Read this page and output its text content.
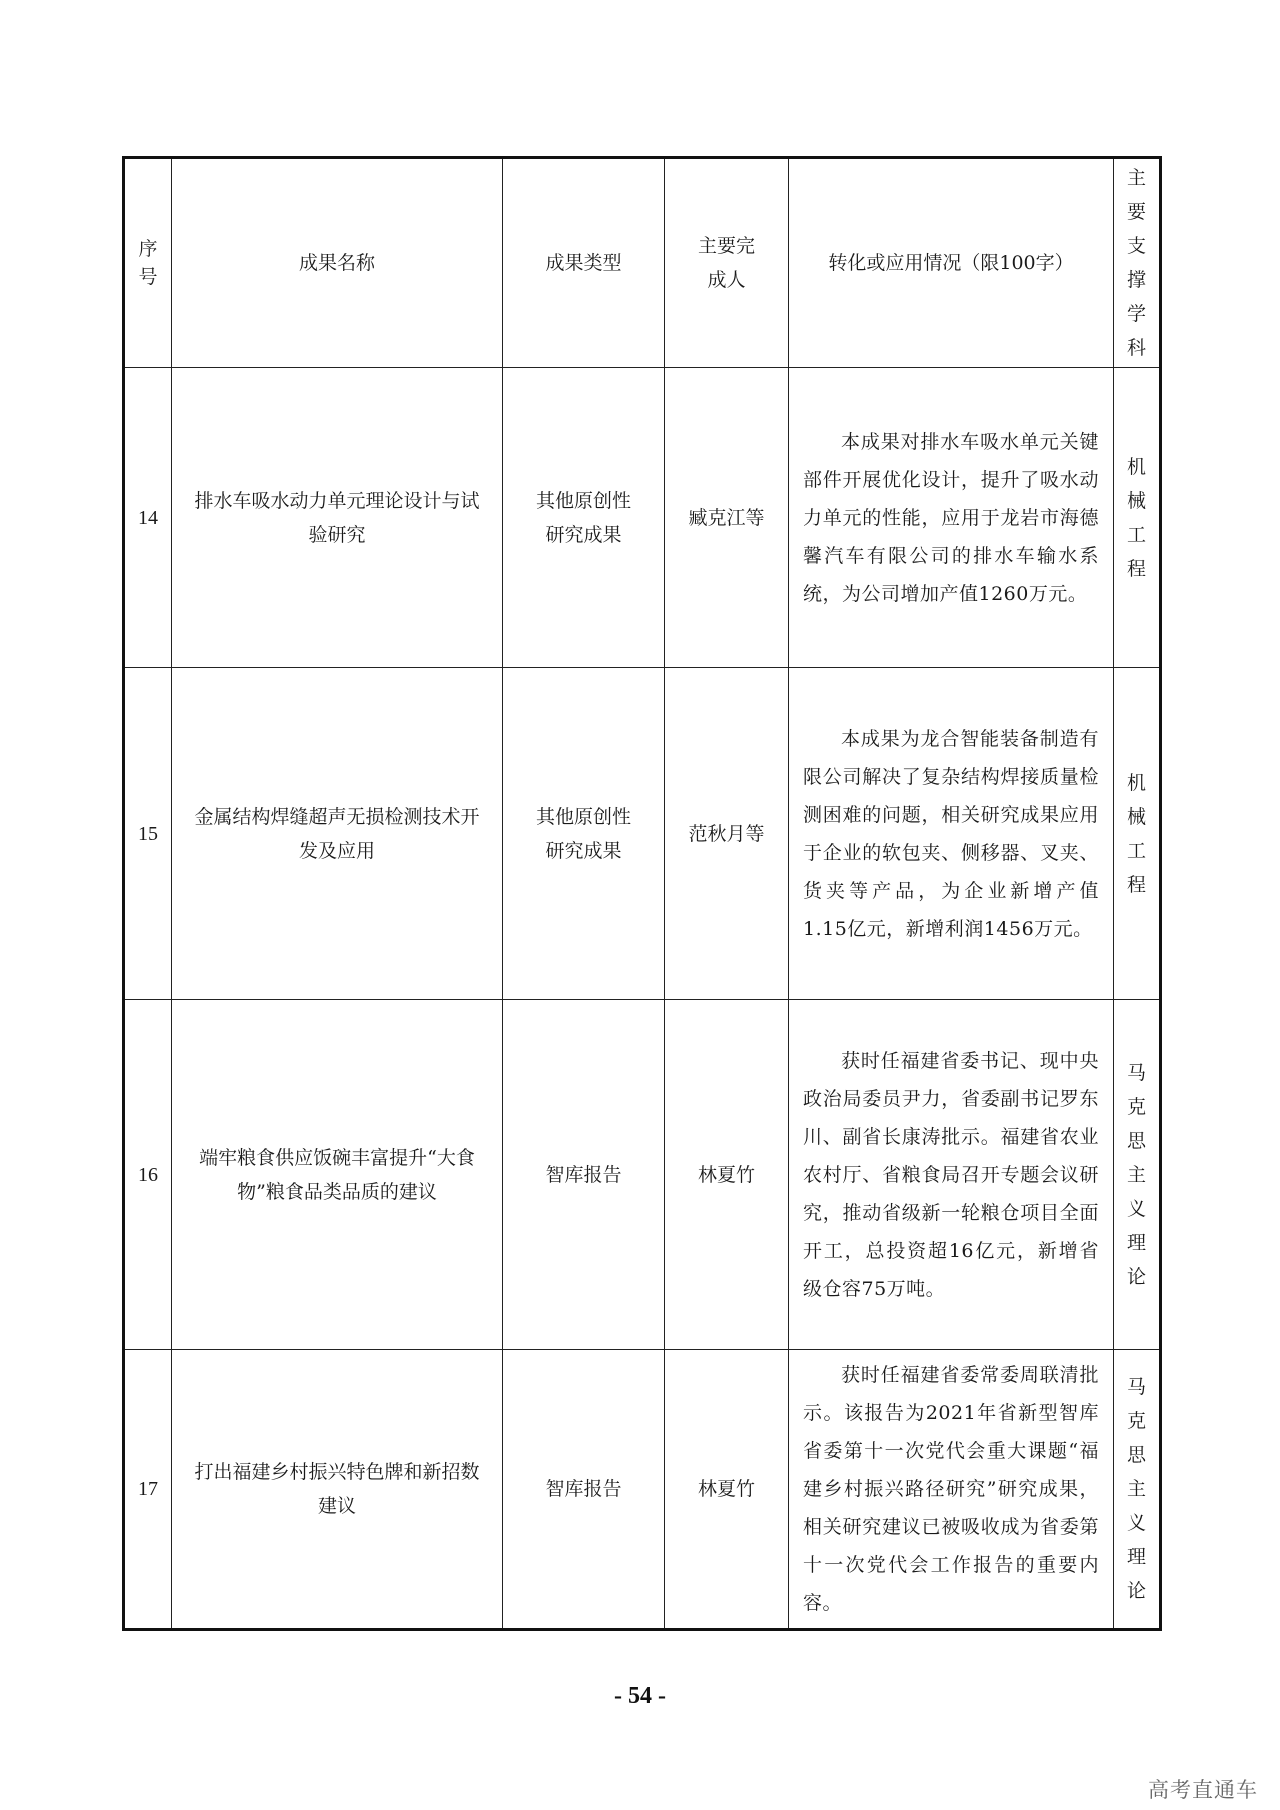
序号	成果名称	成果类型	主要完成人	转化或应用情况（限100字）	主要支撑学科
14	排水车吸水动力单元理论设计与试验研究	其他原创性研究成果	臧克江等	本成果对排水车吸水单元关键部件开展优化设计，提升了吸水动力单元的性能，应用于龙岩市海德馨汽车有限公司的排水车输水系统，为公司增加产值1260万元。	机械工程
15	金属结构焊缝超声无损检测技术开发及应用	其他原创性研究成果	范秋月等	本成果为龙合智能装备制造有限公司解决了复杂结构焊接质量检测困难的问题，相关研究成果应用于企业的软包夹、侧移器、叉夹、货夹等产品，为企业新增产值1.15亿元，新增利润1456万元。	机械工程
16	端牢粮食供应饭碗丰富提升“大食物”粮食品类品质的建议	智库报告	林夏竹	获时任福建省委书记、现中央政治局委员尹力，省委副书记罗东川、副省长康涛批示。福建省农业农村厅、省粮食局召开专题会议研究，推动省级新一轮粮仓项目全面开工，总投资超16亿元，新增省级仓容75万吨。	马克思主义理论
17	打出福建乡村振兴特色牌和新招数建议	智库报告	林夏竹	获时任福建省委常委周联清批示。该报告为2021年省新型智库省委第十一次党代会重大课题“福建乡村振兴路径研究”研究成果，相关研究建议已被吸收成为省委第十一次党代会工作报告的重要内容。	马克思主义理论
- 54 -
高考直通车
